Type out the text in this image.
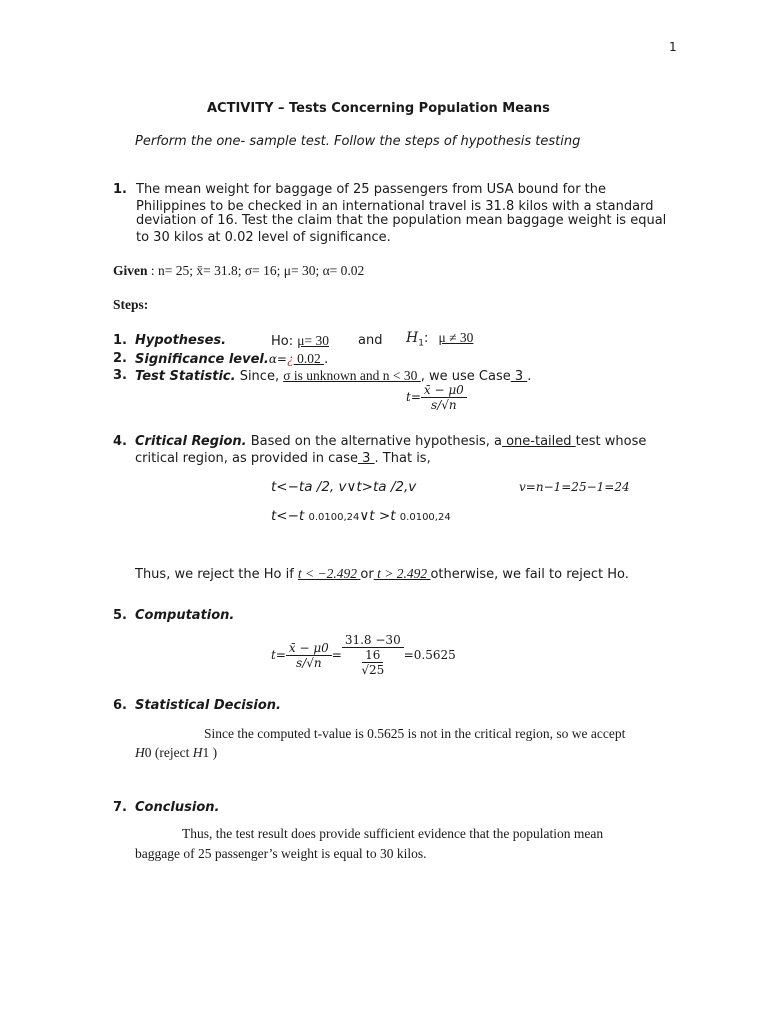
1
ACTIVITY – Tests Concerning Population Means
Perform the one- sample test. Follow the steps of hypothesis testing
1. The mean weight for baggage of 25 passengers from USA bound for the
Philippines to be checked in an international travel is 31.8 kilos with a standard
deviation of 16. Test the claim that the population mean baggage weight is equal
to 30 kilos at 0.02 level of significance.
Given : n= 25; x̄= 31.8; σ= 16; μ= 30; α= 0.02
Steps:
1. Hypotheses.	Ho: μ= 30 and $H_1$: μ ≠ 30
2. Significance level.α=¿ 0.02 .
3. Test Statistic. Since, σ is unknown and n < 30 , we use Case 3 .
$t= \frac{x̄ - \mu 0}{s/√n}$
4. Critical Region. Based on the alternative hypothesis, a one-tailed test whose
critical region, as provided in case 3 . That is,
t<−ta /2, v∨t>ta /2,v	v=n−1=25−1=24
t<−t 0.0100,24∨t >t 0.0100,24
Thus, we reject the Ho if t < −2.492 or t > 2.492 otherwise, we fail to reject Ho.
5. Computation.
$t= \frac{x̄ - \mu 0}{s/√n} = \frac{31.8 -30}{\frac{16}{√25}} =0.5625$
6. Statistical Decision.
Since the computed t-value is 0.5625 is not in the critical region, so we accept
H0 (reject H1 )
7. Conclusion.
Thus, the test result does provide sufficient evidence that the population mean
baggage of 25 passenger’s weight is equal to 30 kilos.
